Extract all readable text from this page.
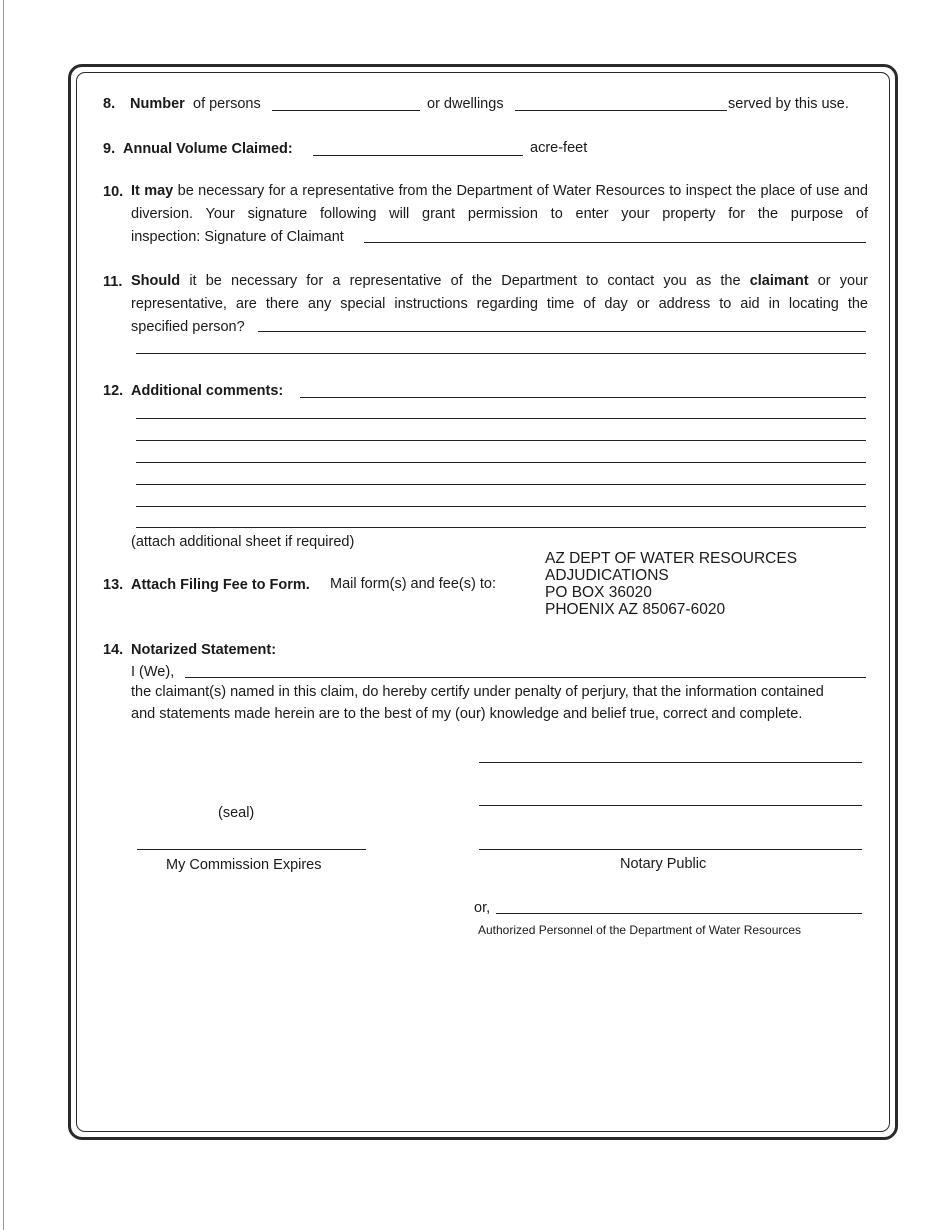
8. Number of persons	or dwellings	served by this use.
9. Annual Volume Claimed:	acre-feet
10. It may be necessary for a representative from the Department of Water Resources to inspect the place of use and diversion. Your signature following will grant permission to enter your property for the purpose of
inspection: Signature of Claimant
11. Should it be necessary for a representative of the Department to contact you as the claimant or your representative, are there any special instructions regarding time of day or address to aid in locating the
specified person?
12. Additional comments:
(attach additional sheet if required)
13. Attach Filing Fee to Form. Mail form(s) and fee(s) to:
AZ DEPT OF WATER RESOURCES
ADJUDICATIONS
PO BOX 36020
PHOENIX AZ 85067-6020
14. Notarized Statement:
I (We),
the claimant(s) named in this claim, do hereby certify under penalty of perjury, that the information contained
and statements made herein are to the best of my (our) knowledge and belief true, correct and complete.
(seal)
My Commission Expires	Notary Public
or,
Authorized Personnel of the Department of Water Resources
